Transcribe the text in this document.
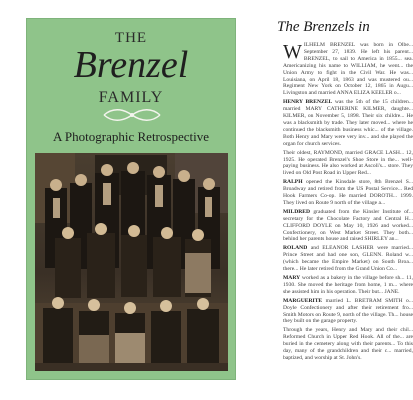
THE
Brenzel
FAMILY
A Photographic Retrospective
The Brenzels in

WILHELM BRENZEL was born in Olbe... September 27, 1839. He left his parent... BRENZEL, to sail to America in 1855... sea. Americanizing his name to WILLIAM, he went... the Union Army to fight in the Civil War. He was... Louisiana, on April 18, 1863 and was mustered ou... Regiment New York on October 12, 1865 in Augu... Livingston and married ANNA ELIZA KEELER o...

HENRY BRENZEL was the 5th of the 15 children... married MARY CATHERINE KILMER, daughte... KILMER, on November 5, 1898. Their six childre... He was a blacksmith by trade. They later moved... where he continued the blacksmith business whic... of the village. Both Henry and Mary were very inv... and she played the organ for church services.

Their oldest, RAYMOND, married GRACE LASH... 12, 1925. He operated Brenzel's Shoe Store in the... well-paying business. He also worked at Ascoli's... store. They lived on Old Post Road in Upper Red...

RALPH opened the Kinsdale store, 8th Brenzel S... Broadway and retired from the US Postal Service... Red Hook Farmers Co-op. He married DOROTH... 1999. They lived on Route 9 north of the village a...

MILDRED graduated from the Kinsler Institute of... secretary for the Chocolate Factory and Central H... CLIFFORD DOYLE on May 10, 1926 and worked... Confectionery, on West Market Street. They both... behind her parents house and raised SHIRLEY an...

ROLAND and ELEANOR LASHER were married... Prince Street and had one son, GLENN. Roland w... (which became the Empire Market) on South Broa... there... He later retired from the Grand Union Co...

MARY worked as a bakery in the village before sh... 11, 1930. She moved the heritage from home, 1 m... where she assisted him in his operation. Their but... JANE.

MARGUERITE married L. BRETRAM SMITH o... Doyle Confectionery and after their retirement fro... Smith Motors on Route 9, north of the village. Th... house they built on the garage property.

Through the years, Henry and Mary and their chil... Reformed Church in Upper Red Hook. All of the... are buried in the cemetery along with their parents... To this day, many of the grandchildren and their c... married, baptized, and worship at St. John's.
